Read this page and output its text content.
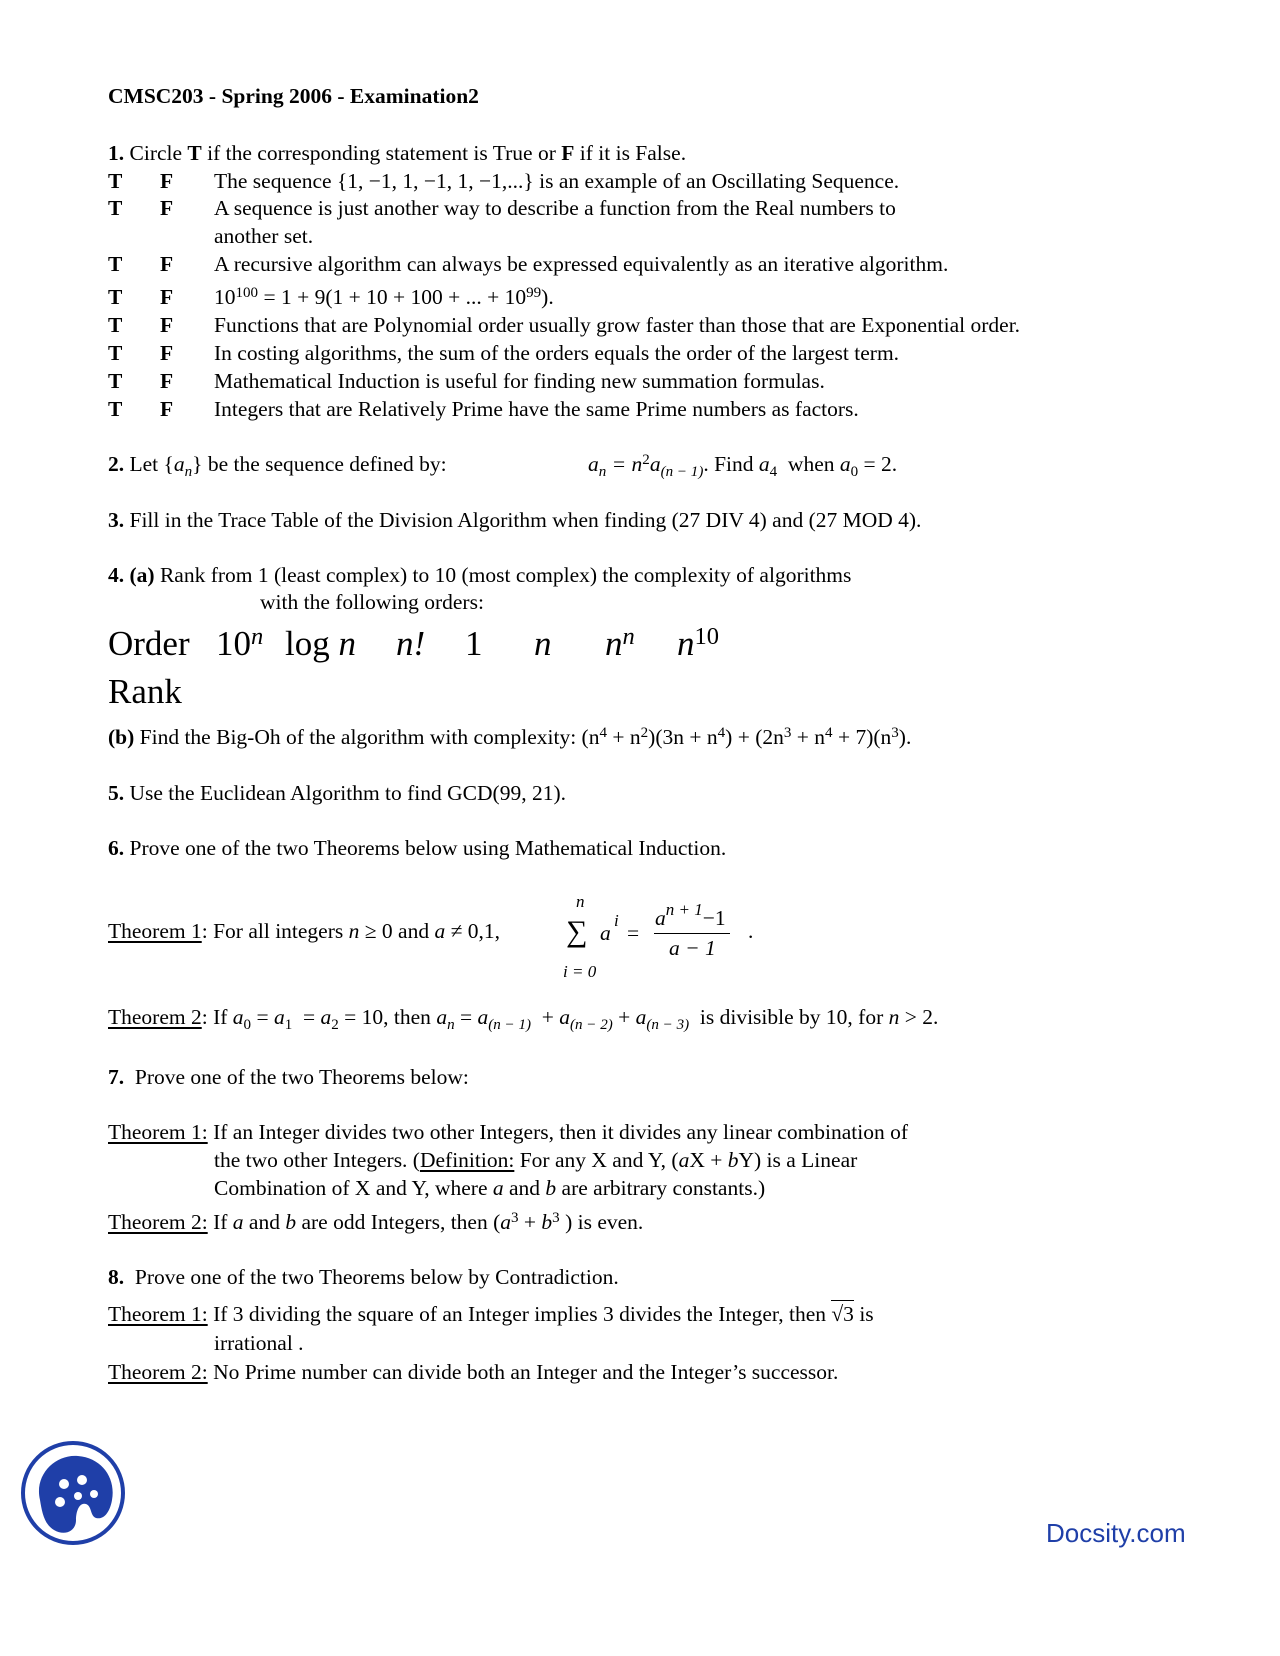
CMSC203 - Spring 2006 - Examination2
1. Circle T if the corresponding statement is True or F if it is False.
T F The sequence {1, −1, 1, −1, 1, −1,...} is an example of an Oscillating Sequence.
T F A sequence is just another way to describe a function from the Real numbers to
another set.
T F A recursive algorithm can always be expressed equivalently as an iterative algorithm.
T F $10^{100} = 1 + 9(1 + 10 + 100$ + ... + $10^{99}$).
T F Functions that are Polynomial order usually grow faster than those that are Exponential order.
T F In costing algorithms, the sum of the orders equals the order of the largest term.
T F Mathematical Induction is useful for finding new summation formulas.
T F Integers that are Relatively Prime have the same Prime numbers as factors.
2. Let $\{a_n\}$ be the sequence defined by:	$a_n = n^2a_{(n - 1)}$. Find $a_4$ when $a_0 = 2$.
3. Fill in the Trace Table of the Division Algorithm when finding (27 DIV 4) and (27 MOD 4).
4. (a) Rank from 1 (least complex) to 10 (most complex) the complexity of algorithms
with the following orders:
Order 10$^n$ log n n! 1 n $n^n$ $n^{10}$
Rank
(b) Find the Big-Oh of the algorithm with complexity: $(n^4 + n^2)(3n + n^4) + (2n^3 + n^4 + 7)(n^3)$.
5. Use the Euclidean Algorithm to find GCD(99, 21).
6. Prove one of the two Theorems below using Mathematical Induction.
Theorem 1: For all integers n ≥ 0 and a ≠ 0,1,
n
∑ a
i
i = 0
=
$a^{n + 1}-1$
a − 1
.
Theorem 2: If $a_0 = a_1 = a_2 = 10$, then $a_n = a_{(n - 1)} + a_{(n - 2)} + a_{(n - 3)}$ is divisible by 10, for n > 2.
7. Prove one of the two Theorems below:
Theorem 1: If an Integer divides two other Integers, then it divides any linear combination of
the two other Integers. (Definition: For any X and Y, (aX + bY) is a Linear
Combination of X and Y, where a and b are arbitrary constants.)
Theorem 2: If a and b are odd Integers, then ($a^3 + b^3$ ) is even.
8. Prove one of the two Theorems below by Contradiction.
Theorem 1: If 3 dividing the square of an Integer implies 3 divides the Integer, then √3 is
irrational .
Theorem 2: No Prime number can divide both an Integer and the Integer’s successor.
Docsity.com
